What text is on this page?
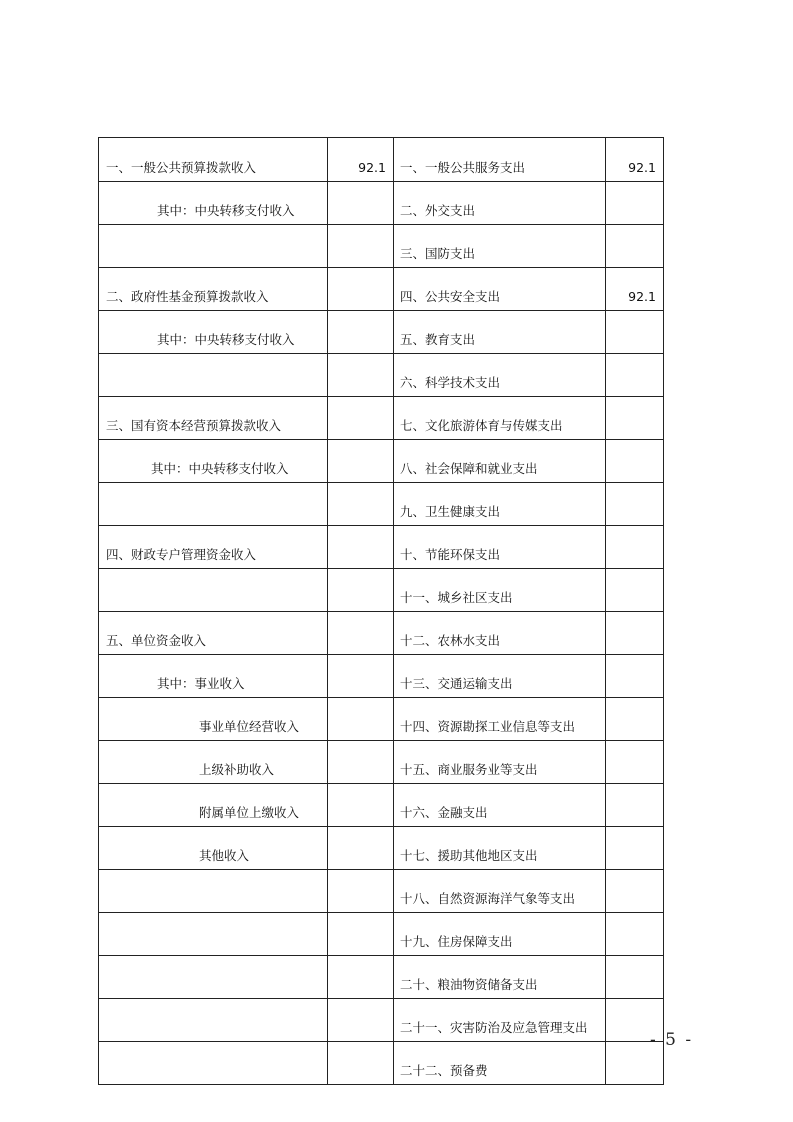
一、一般公共预算拨款收入	92.1	一、一般公共服务支出	92.1
其中：中央转移支付收入		二、外交支出	
		三、国防支出	
二、政府性基金预算拨款收入		四、公共安全支出	92.1
其中：中央转移支付收入		五、教育支出	
		六、科学技术支出	
三、国有资本经营预算拨款收入		七、文化旅游体育与传媒支出	
其中：中央转移支付收入		八、社会保障和就业支出	
		九、卫生健康支出	
四、财政专户管理资金收入		十、节能环保支出	
		十一、城乡社区支出	
五、单位资金收入		十二、农林水支出	
其中：事业收入		十三、交通运输支出	
事业单位经营收入		十四、资源勘探工业信息等支出	
上级补助收入		十五、商业服务业等支出	
附属单位上缴收入		十六、金融支出	
其他收入		十七、援助其他地区支出	
		十八、自然资源海洋气象等支出	
		十九、住房保障支出	
		二十、粮油物资储备支出	
		二十一、灾害防治及应急管理支出	
		二十二、预备费	
- 5 -
